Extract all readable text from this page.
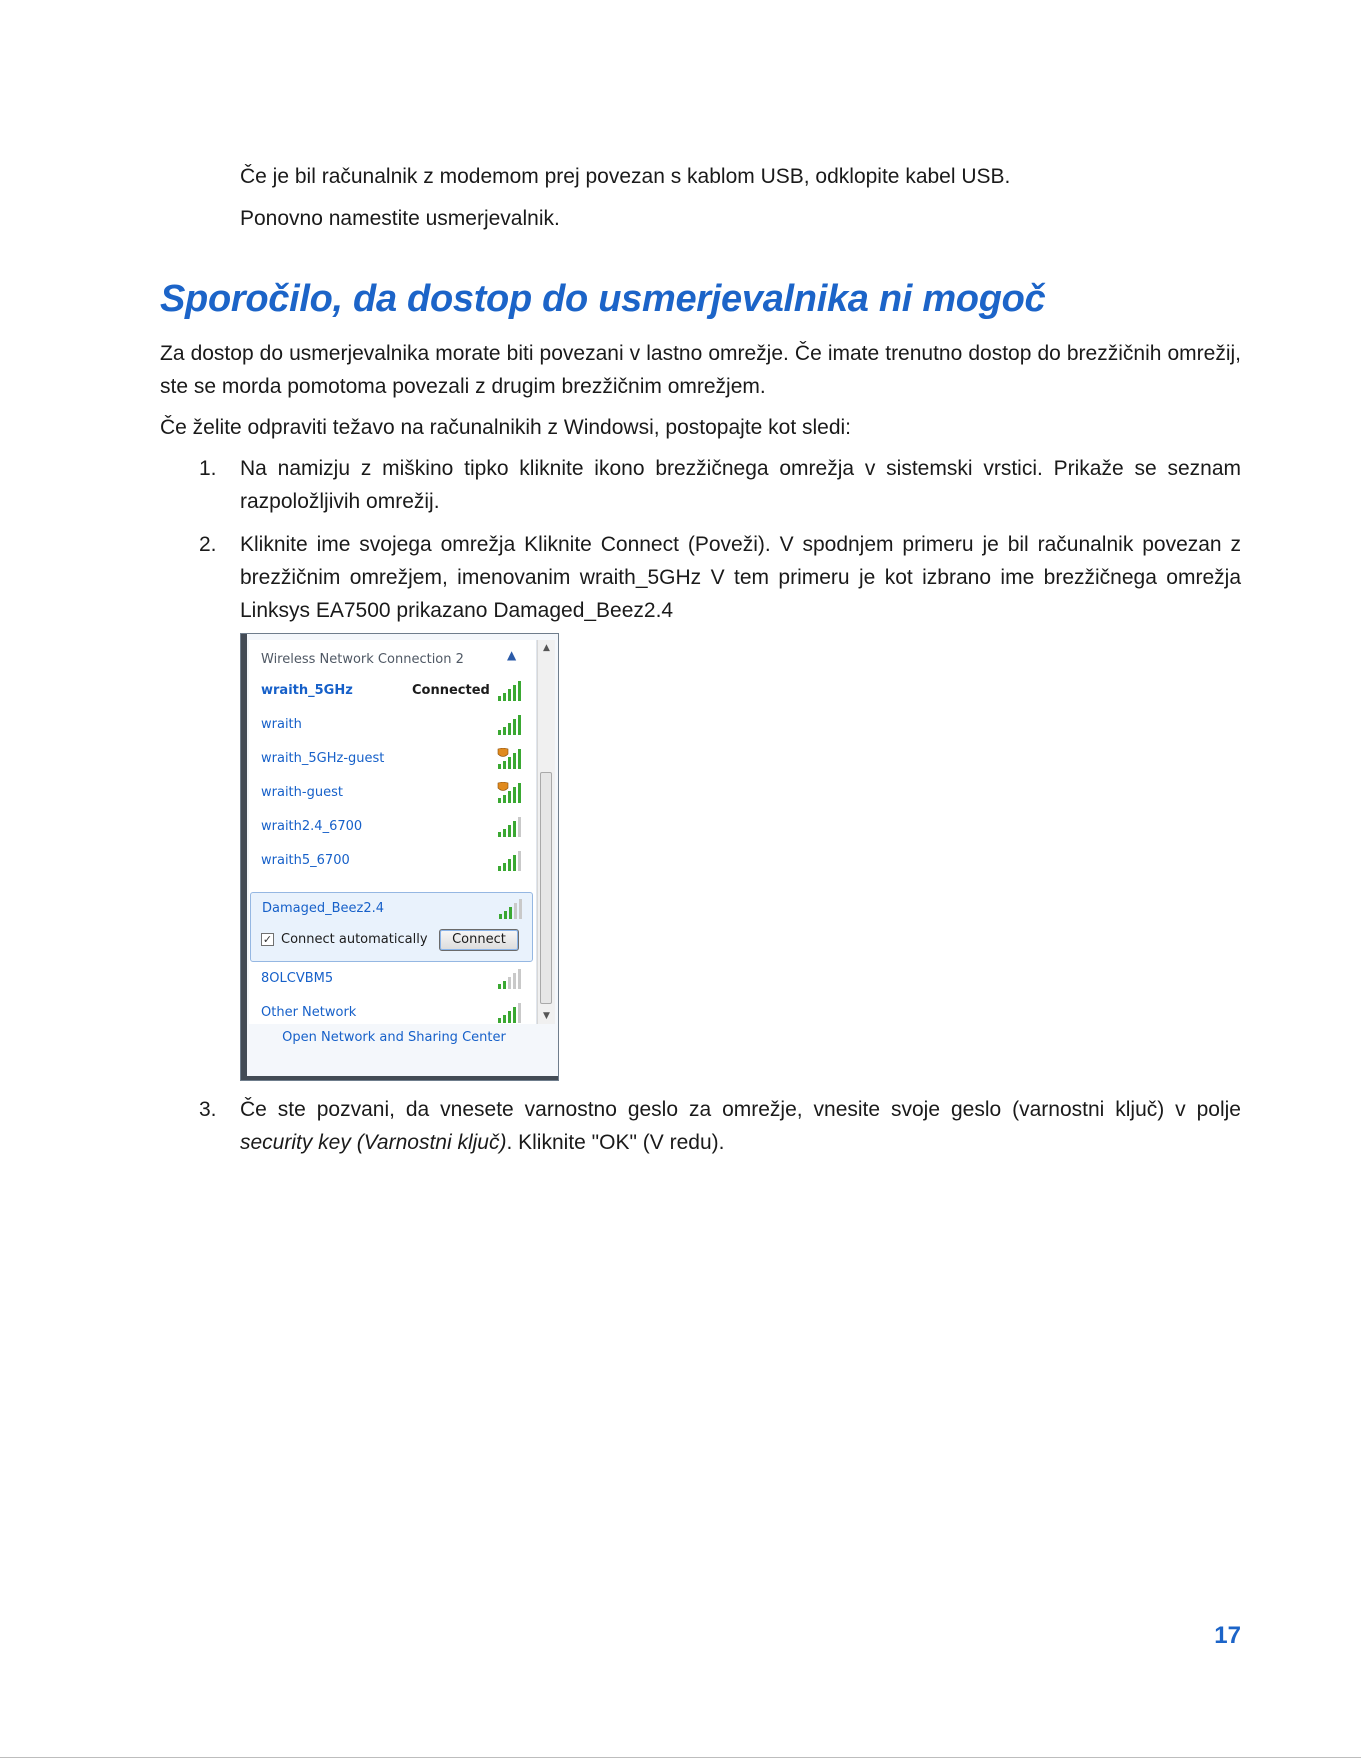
Če je bil računalnik z modemom prej povezan s kablom USB, odklopite kabel USB.

Ponovno namestite usmerjevalnik.

Sporočilo, da dostop do usmerjevalnika ni mogoč

Za dostop do usmerjevalnika morate biti povezani v lastno omrežje. Če imate trenutno dostop do brezžičnih omrežij, ste se morda pomotoma povezali z drugim brezžičnim omrežjem.

Če želite odpraviti težavo na računalnikih z Windowsi, postopajte kot sledi:

1. Na namizju z miškino tipko kliknite ikono brezžičnega omrežja v sistemski vrstici. Prikaže se seznam razpoložljivih omrežij.

2. Kliknite ime svojega omrežja Kliknite Connect (Poveži). V spodnjem primeru je bil računalnik povezan z brezžičnim omrežjem, imenovanim wraith_5GHz V tem primeru je kot izbrano ime brezžičnega omrežja Linksys EA7500 prikazano Damaged_Beez2.4

Wireless Network Connection 2	▲
wraith_5GHz	Connected
wraith
wraith_5GHz-guest
wraith-guest
wraith2.4_6700
wraith5_6700
Damaged_Beez2.4
✓ Connect automatically	Connect
8OLCVBM5
Other Network
▲
▼
Open Network and Sharing Center
3. Če ste pozvani, da vnesete varnostno geslo za omrežje, vnesite svoje geslo (varnostni ključ) v polje security key (Varnostni ključ). Kliknite "OK" (V redu).

17
